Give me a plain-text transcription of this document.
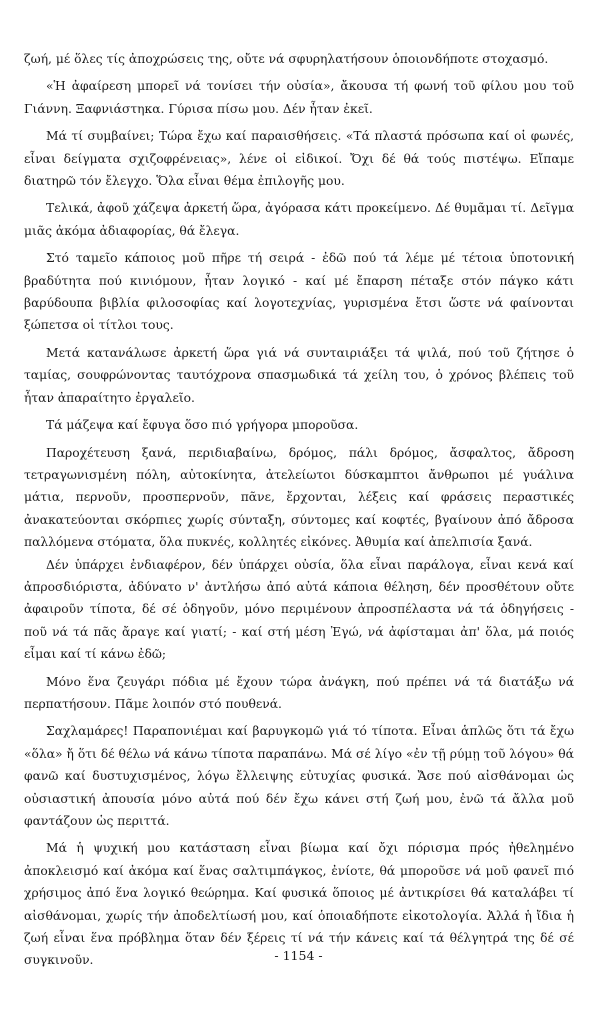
ζωή, μέ ὅλες τίς ἀποχρώσεις της, οὔτε νά σφυρηλατήσουν ὁποιονδήποτε στοχασμό.

«Ἡ ἀφαίρεση μπορεῖ νά τονίσει τήν οὐσία», ἄκουσα τή φωνή τοῦ φίλου μου τοῦ Γιάννη. Ξαφνιάστηκα. Γύρισα πίσω μου. Δέν ἦταν ἐκεῖ.

Μά τί συμβαίνει; Τώρα ἔχω καί παραισθήσεις. «Τά πλαστά πρόσωπα καί οἱ φωνές, εἶναι δείγματα σχιζοφρένειας», λένε οἱ εἰδικοί. Ὄχι δέ θά τούς πιστέψω. Εἴπαμε διατηρῶ τόν ἔλεγχο. Ὅλα εἶναι θέμα ἐπιλογῆς μου.

Τελικά, ἀφοῦ χάζεψα ἀρκετή ὥρα, ἀγόρασα κάτι προκείμενο. Δέ θυμᾶμαι τί. Δεῖγμα μιᾶς ἀκόμα ἀδιαφορίας, θά ἔλεγα.

Στό ταμεῖο κάποιος μοῦ πῆρε τή σειρά - ἐδῶ πού τά λέμε μέ τέτοια ὑποτονική βραδύτητα πού κινιόμουν, ἦταν λογικό - καί μέ ἔπαρση πέταξε στόν πάγκο κάτι βαρύδουπα βιβλία φιλοσοφίας καί λογοτεχνίας, γυρισμένα ἔτσι ὥστε νά φαίνονται ξώπετσα οἱ τίτλοι τους.

Μετά κατανάλωσε ἀρκετή ὥρα γιά νά συνταιριάξει τά ψιλά, πού τοῦ ζήτησε ὁ ταμίας, σουφρώνοντας ταυτόχρονα σπασμωδικά τά χείλη του, ὁ χρόνος βλέπεις τοῦ ἦταν ἀπαραίτητο ἐργαλεῖο.

Τά μάζεψα καί ἔφυγα ὅσο πιό γρήγορα μποροῦσα.

Παροχέτευση ξανά, περιδιαβαίνω, δρόμος, πάλι δρόμος, ἄσφαλτος, ἄδροση τετραγωνισμένη πόλη, αὐτοκίνητα, ἀτελείωτοι δύσκαμπτοι ἄνθρωποι μέ γυάλινα μάτια, περνοῦν, προσπερνοῦν, πᾶνε, ἔρχονται, λέξεις καί φράσεις περαστικές ἀνακατεύονται σκόρπιες χωρίς σύνταξη, σύντομες καί κοφτές, βγαίνουν ἀπό ἄδροσα παλλόμενα στόματα, ὅλα πυκνές, κολλητές εἰκόνες. Ἀθυμία καί ἀπελπισία ξανά.

Δέν ὑπάρχει ἐνδιαφέρον, δέν ὑπάρχει οὐσία, ὅλα εἶναι παράλογα, εἶναι κενά καί ἀπροσδιόριστα, ἀδύνατο ν' ἀντλήσω ἀπό αὐτά κάποια θέληση, δέν προσθέτουν οὔτε ἀφαιροῦν τίποτα, δέ σέ ὁδηγοῦν, μόνο περιμένουν ἀπροσπέλαστα νά τά ὁδηγήσεις - ποῦ νά τά πᾶς ἄραγε καί γιατί; - καί στή μέση Ἐγώ, νά ἀφίσταμαι ἀπ' ὅλα, μά ποιός εἶμαι καί τί κάνω ἐδῶ;

Μόνο ἕνα ζευγάρι πόδια μέ ἔχουν τώρα ἀνάγκη, πού πρέπει νά τά διατάξω νά περπατήσουν. Πᾶμε λοιπόν στό πουθενά.

Σαχλαμάρες! Παραπονιέμαι καί βαρυγκομῶ γιά τό τίποτα. Εἶναι ἁπλῶς ὅτι τά ἔχω «ὅλα» ἤ ὅτι δέ θέλω νά κάνω τίποτα παραπάνω. Μά σέ λίγο «ἐν τῇ ρύμῃ τοῦ λόγου» θά φανῶ καί δυστυχισμένος, λόγω ἔλλειψης εὐτυχίας φυσικά. Ἄσε πού αἰσθάνομαι ὡς οὐσιαστική ἀπουσία μόνο αὐτά πού δέν ἔχω κάνει στή ζωή μου, ἐνῶ τά ἄλλα μοῦ φαντάζουν ὡς περιττά.

Μά ἡ ψυχική μου κατάσταση εἶναι βίωμα καί ὄχι πόρισμα πρός ἠθελημένο ἀποκλεισμό καί ἀκόμα καί ἕνας σαλτιμπάγκος, ἐνίοτε, θά μποροῦσε νά μοῦ φανεῖ πιό χρήσιμος ἀπό ἕνα λογικό θεώρημα. Καί φυσικά ὅποιος μέ ἀντικρίσει θά καταλάβει τί αἰσθάνομαι, χωρίς τήν ἀποδελτίωσή μου, καί ὁποιαδήποτε εἰκοτολογία. Ἀλλά ἡ ἴδια ἡ ζωή εἶναι ἕνα πρόβλημα ὅταν δέν ξέρεις τί νά τήν κάνεις καί τά θέλγητρά της δέ σέ συγκινοῦν.	- 1154 -
